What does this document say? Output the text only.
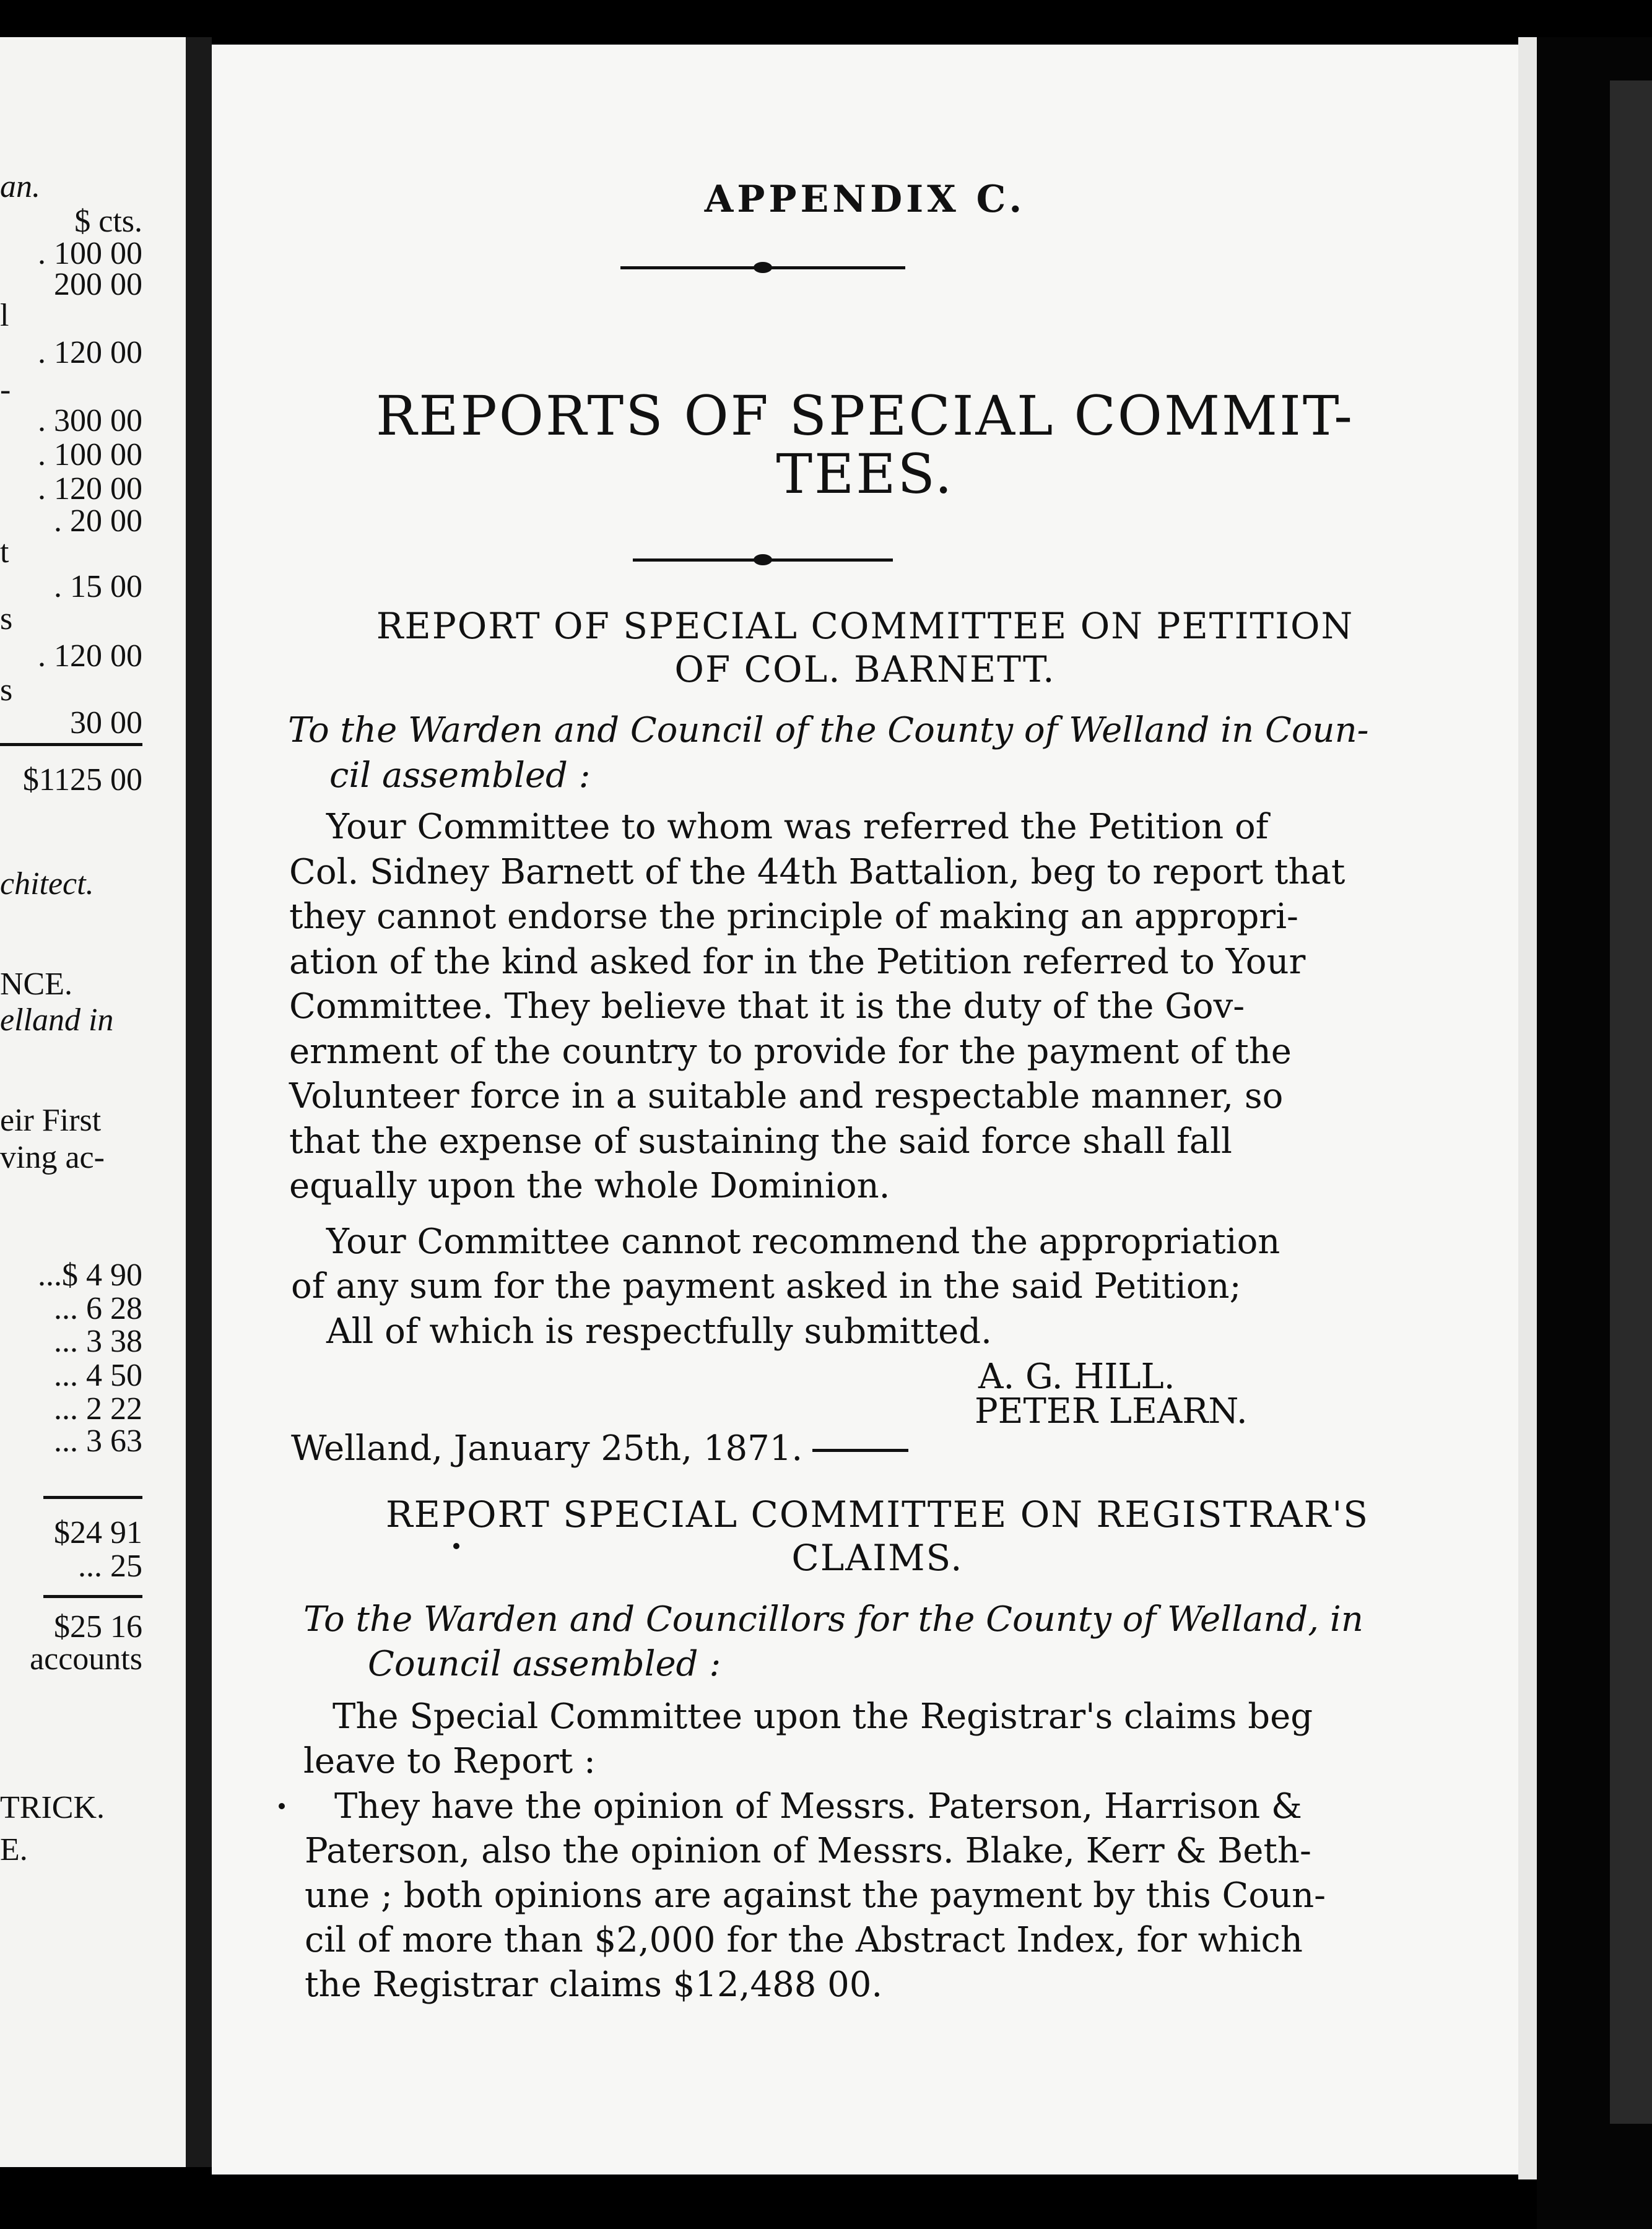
an.
$ cts.
. 100 00
200 00
l
. 120 00
-
. 300 00
. 100 00
. 120 00
. 20 00
t
. 15 00
s
. 120 00
s
30 00
$1125 00
chitect.
NCE.
elland in
eir First
ving ac-
...$ 4 90
... 6 28
... 3 38
... 4 50
... 2 22
... 3 63
$24 91
... 25
$25 16
accounts
TRICK.
E.
APPENDIX C.
REPORTS OF SPECIAL COMMIT-
TEES.
REPORT OF SPECIAL COMMITTEE ON PETITION
OF COL. BARNETT.
To the Warden and Council of the County of Welland in Coun-
cil assembled :
Your Committee to whom was referred the Petition of
Col. Sidney Barnett of the 44th Battalion, beg to report that
they cannot endorse the principle of making an appropri-
ation of the kind asked for in the Petition referred to Your
Committee. They believe that it is the duty of the Gov-
ernment of the country to provide for the payment of the
Volunteer force in a suitable and respectable manner, so
that the expense of sustaining the said force shall fall
equally upon the whole Dominion.
Your Committee cannot recommend the appropriation
of any sum for the payment asked in the said Petition;
All of which is respectfully submitted.
A. G. HILL.
PETER LEARN.
Welland, January 25th, 1871.
REPORT SPECIAL COMMITTEE ON REGISTRAR'S
CLAIMS.
To the Warden and Councillors for the County of Welland, in
Council assembled :
The Special Committee upon the Registrar's claims beg
leave to Report :
They have the opinion of Messrs. Paterson, Harrison &
Paterson, also the opinion of Messrs. Blake, Kerr & Beth-
une ; both opinions are against the payment by this Coun-
cil of more than $2,000 for the Abstract Index, for which
the Registrar claims $12,488 00.
